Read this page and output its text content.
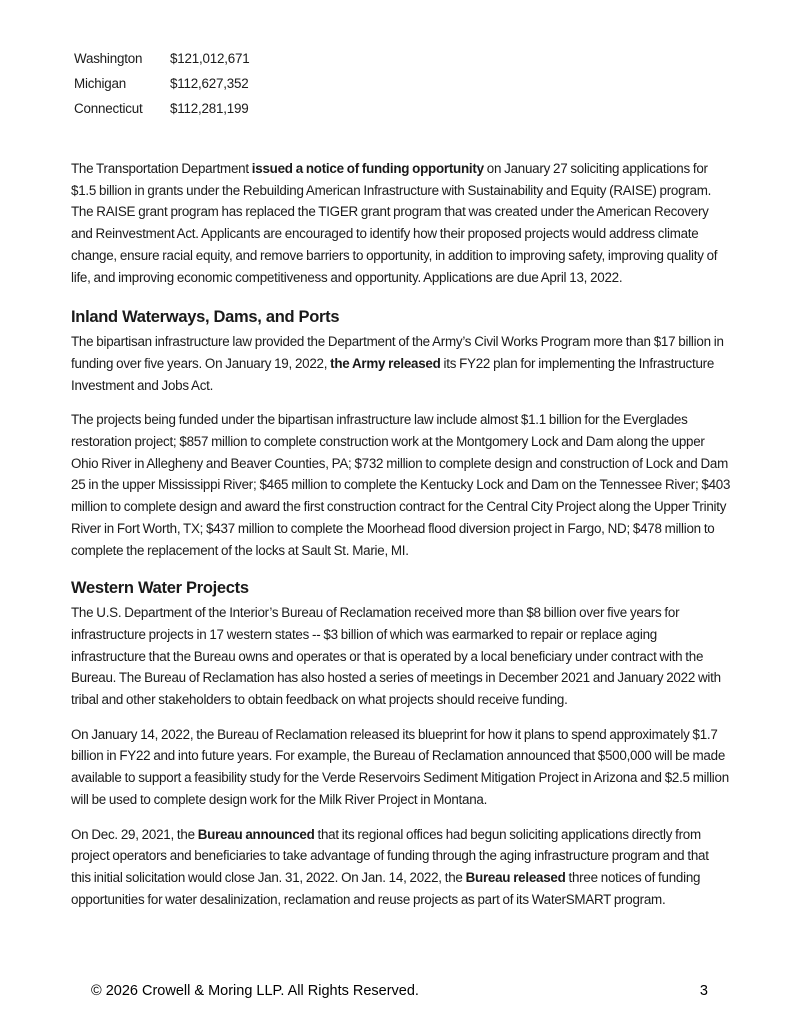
Washington	$121,012,671
Michigan	$112,627,352
Connecticut	$112,281,199

The Transportation Department issued a notice of funding opportunity on January 27 soliciting applications for $1.5 billion in grants under the Rebuilding American Infrastructure with Sustainability and Equity (RAISE) program. The RAISE grant program has replaced the TIGER grant program that was created under the American Recovery and Reinvestment Act. Applicants are encouraged to identify how their proposed projects would address climate change, ensure racial equity, and remove barriers to opportunity, in addition to improving safety, improving quality of life, and improving economic competitiveness and opportunity. Applications are due April 13, 2022.

Inland Waterways, Dams, and Ports

The bipartisan infrastructure law provided the Department of the Army’s Civil Works Program more than $17 billion in funding over five years. On January 19, 2022, the Army released its FY22 plan for implementing the Infrastructure Investment and Jobs Act.

The projects being funded under the bipartisan infrastructure law include almost $1.1 billion for the Everglades restoration project; $857 million to complete construction work at the Montgomery Lock and Dam along the upper Ohio River in Allegheny and Beaver Counties, PA; $732 million to complete design and construction of Lock and Dam 25 in the upper Mississippi River; $465 million to complete the Kentucky Lock and Dam on the Tennessee River; $403 million to complete design and award the first construction contract for the Central City Project along the Upper Trinity River in Fort Worth, TX; $437 million to complete the Moorhead flood diversion project in Fargo, ND; $478 million to complete the replacement of the locks at Sault St. Marie, MI.

Western Water Projects

The U.S. Department of the Interior’s Bureau of Reclamation received more than $8 billion over five years for infrastructure projects in 17 western states -- $3 billion of which was earmarked to repair or replace aging infrastructure that the Bureau owns and operates or that is operated by a local beneficiary under contract with the Bureau. The Bureau of Reclamation has also hosted a series of meetings in December 2021 and January 2022 with tribal and other stakeholders to obtain feedback on what projects should receive funding.

On January 14, 2022, the Bureau of Reclamation released its blueprint for how it plans to spend approximately $1.7 billion in FY22 and into future years. For example, the Bureau of Reclamation announced that $500,000 will be made available to support a feasibility study for the Verde Reservoirs Sediment Mitigation Project in Arizona and $2.5 million will be used to complete design work for the Milk River Project in Montana.

On Dec. 29, 2021, the Bureau announced that its regional offices had begun soliciting applications directly from project operators and beneficiaries to take advantage of funding through the aging infrastructure program and that this initial solicitation would close Jan. 31, 2022. On Jan. 14, 2022, the Bureau released three notices of funding opportunities for water desalinization, reclamation and reuse projects as part of its WaterSMART program.

© 2026 Crowell & Moring LLP. All Rights Reserved.	3
